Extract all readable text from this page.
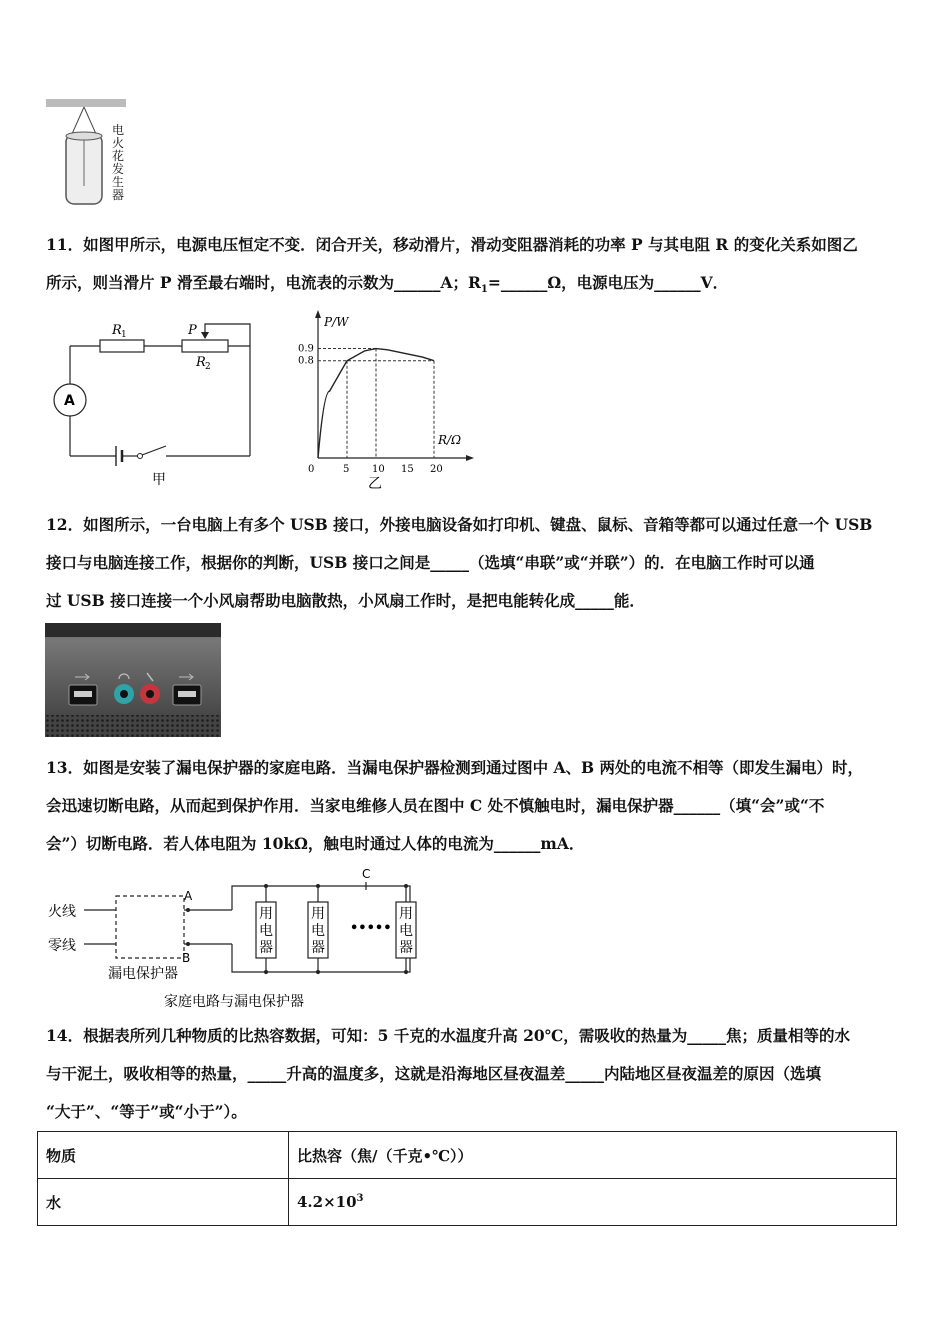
电火花发生器
11．如图甲所示，电源电压恒定不变．闭合开关，移动滑片，滑动变阻器消耗的功率 P 与其电阻 R 的变化关系如图乙
所示，则当滑片 P 滑至最右端时，电流表的示数为______A；$R_1=\_\_\_\_\_\_\Omega$，电源电压为______V．
R 1	P
R 2
A
甲
0	5 10 15 20
0.8
0.9
P/W
R/Ω
乙
12．如图所示，一台电脑上有多个 USB 接口，外接电脑设备如打印机、键盘、鼠标、音箱等都可以通过任意一个 USB
接口与电脑连接工作，根据你的判断，USB 接口之间是_____（选填“串联”或“并联”）的．在电脑工作时可以通
过 USB 接口连接一个小风扇帮助电脑散热，小风扇工作时，是把电能转化成_____能．
13．如图是安装了漏电保护器的家庭电路．当漏电保护器检测到通过图中 A、B 两处的电流不相等（即发生漏电）时，
会迅速切断电路，从而起到保护作用．当家电维修人员在图中 C 处不慎触电时，漏电保护器______（填“会”或“不
会”）切断电路．若人体电阻为 10kΩ，触电时通过人体的电流为______mA．
火线
零线
A
B
C
漏电保护器
家庭电路与漏电保护器
用
电
器
用
电
器
用
电
器
•••••
14．根据表所列几种物质的比热容数据，可知：5 千克的水温度升高 20℃，需吸收的热量为_____焦；质量相等的水
与干泥土，吸收相等的热量，_____升高的温度多，这就是沿海地区昼夜温差_____内陆地区昼夜温差的原因（选填
“大于”、“等于”或“小于”）。
物质	比热容（焦/（千克•℃））
水	$4.2\times 10^3$
